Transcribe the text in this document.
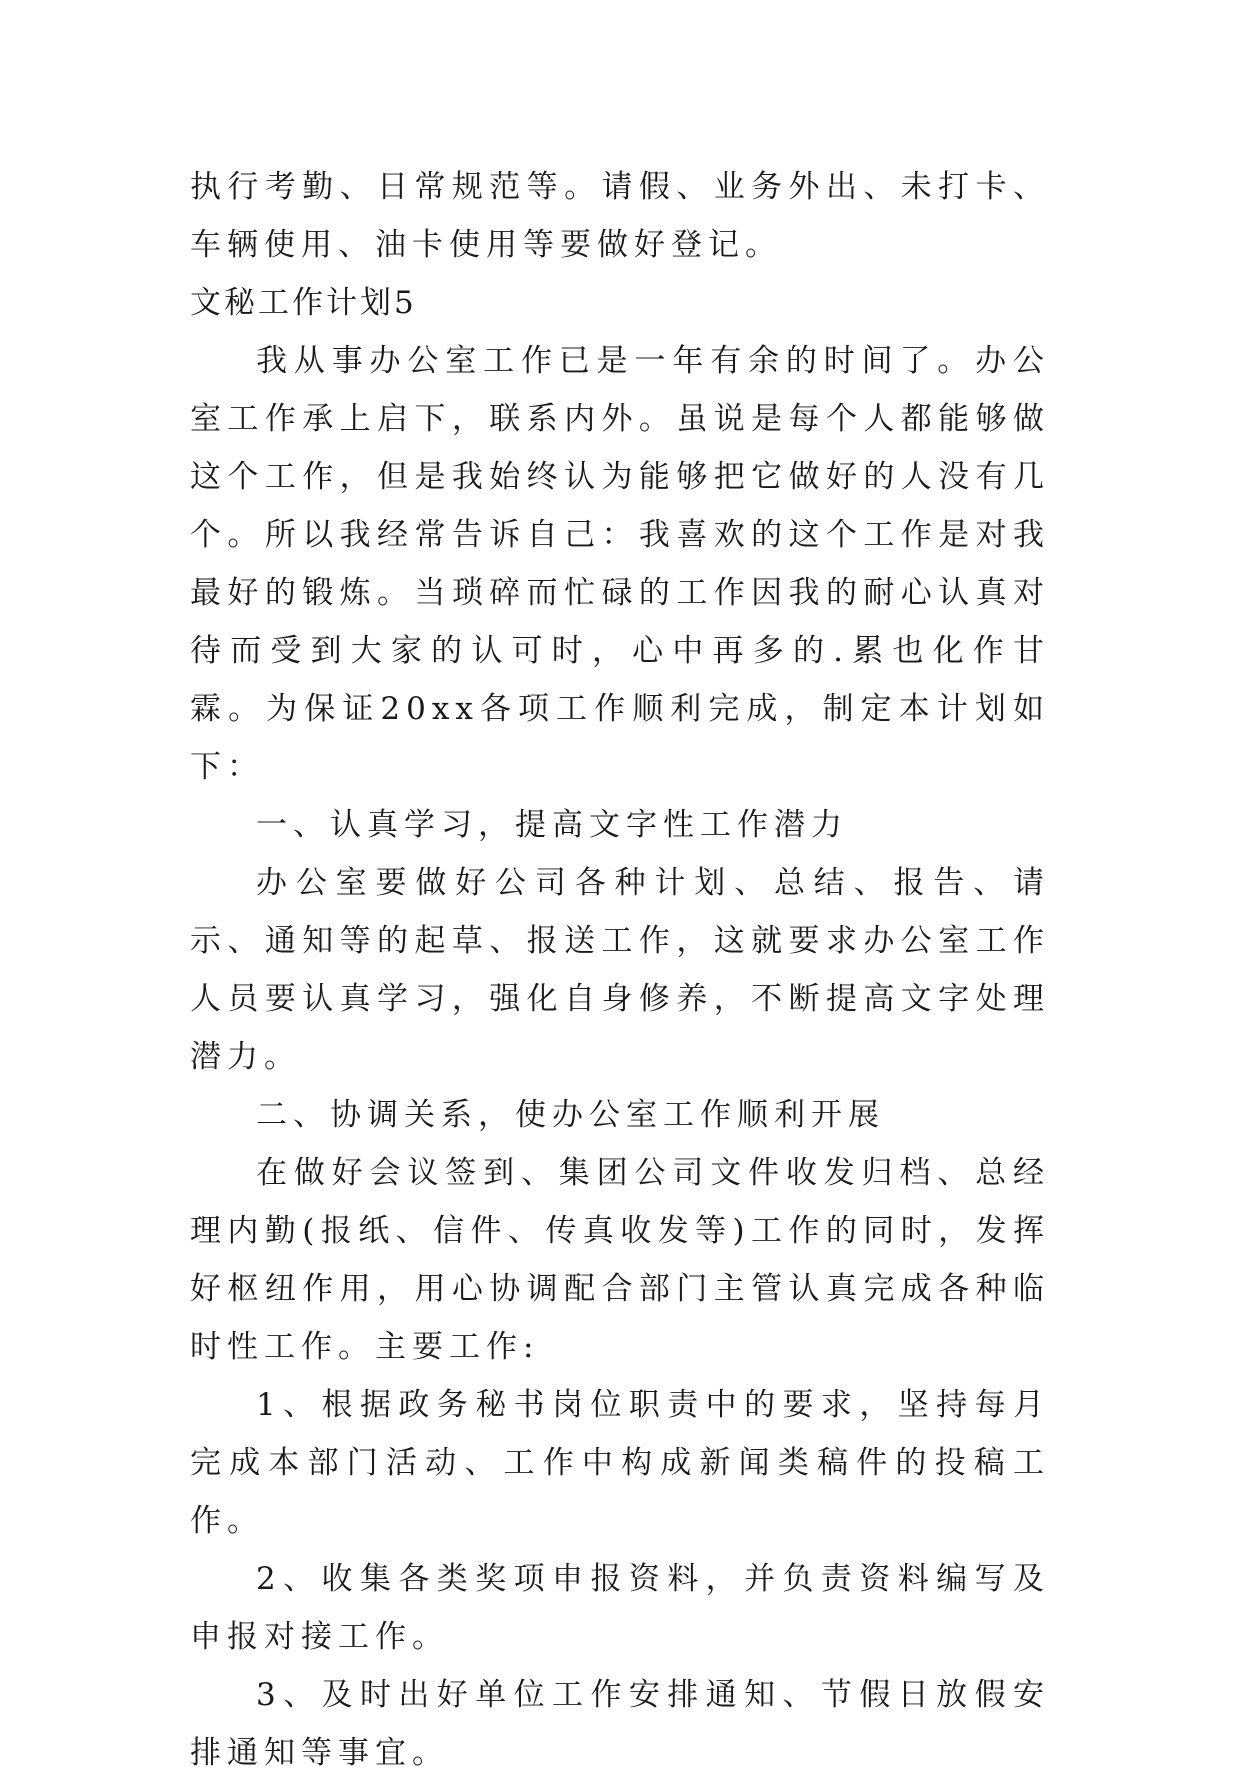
执行考勤、日常规范等。请假、业务外出、未打卡、车辆使用、油卡使用等要做好登记。

文秘工作计划5

我从事办公室工作已是一年有余的时间了。办公室工作承上启下，联系内外。虽说是每个人都能够做这个工作，但是我始终认为能够把它做好的人没有几个。所以我经常告诉自己：我喜欢的这个工作是对我最好的锻炼。当琐碎而忙碌的工作因我的耐心认真对待而受到大家的认可时，心中再多的.累也化作甘霖。为保证20xx各项工作顺利完成，制定本计划如下：

一、认真学习，提高文字性工作潜力

办公室要做好公司各种计划、总结、报告、请示、通知等的起草、报送工作，这就要求办公室工作人员要认真学习，强化自身修养，不断提高文字处理潜力。

二、协调关系，使办公室工作顺利开展

在做好会议签到、集团公司文件收发归档、总经理内勤(报纸、信件、传真收发等)工作的同时，发挥好枢纽作用，用心协调配合部门主管认真完成各种临时性工作。主要工作:

1、根据政务秘书岗位职责中的要求，坚持每月完成本部门活动、工作中构成新闻类稿件的投稿工作。

2、收集各类奖项申报资料，并负责资料编写及申报对接工作。

3、及时出好单位工作安排通知、节假日放假安排通知等事宜。
